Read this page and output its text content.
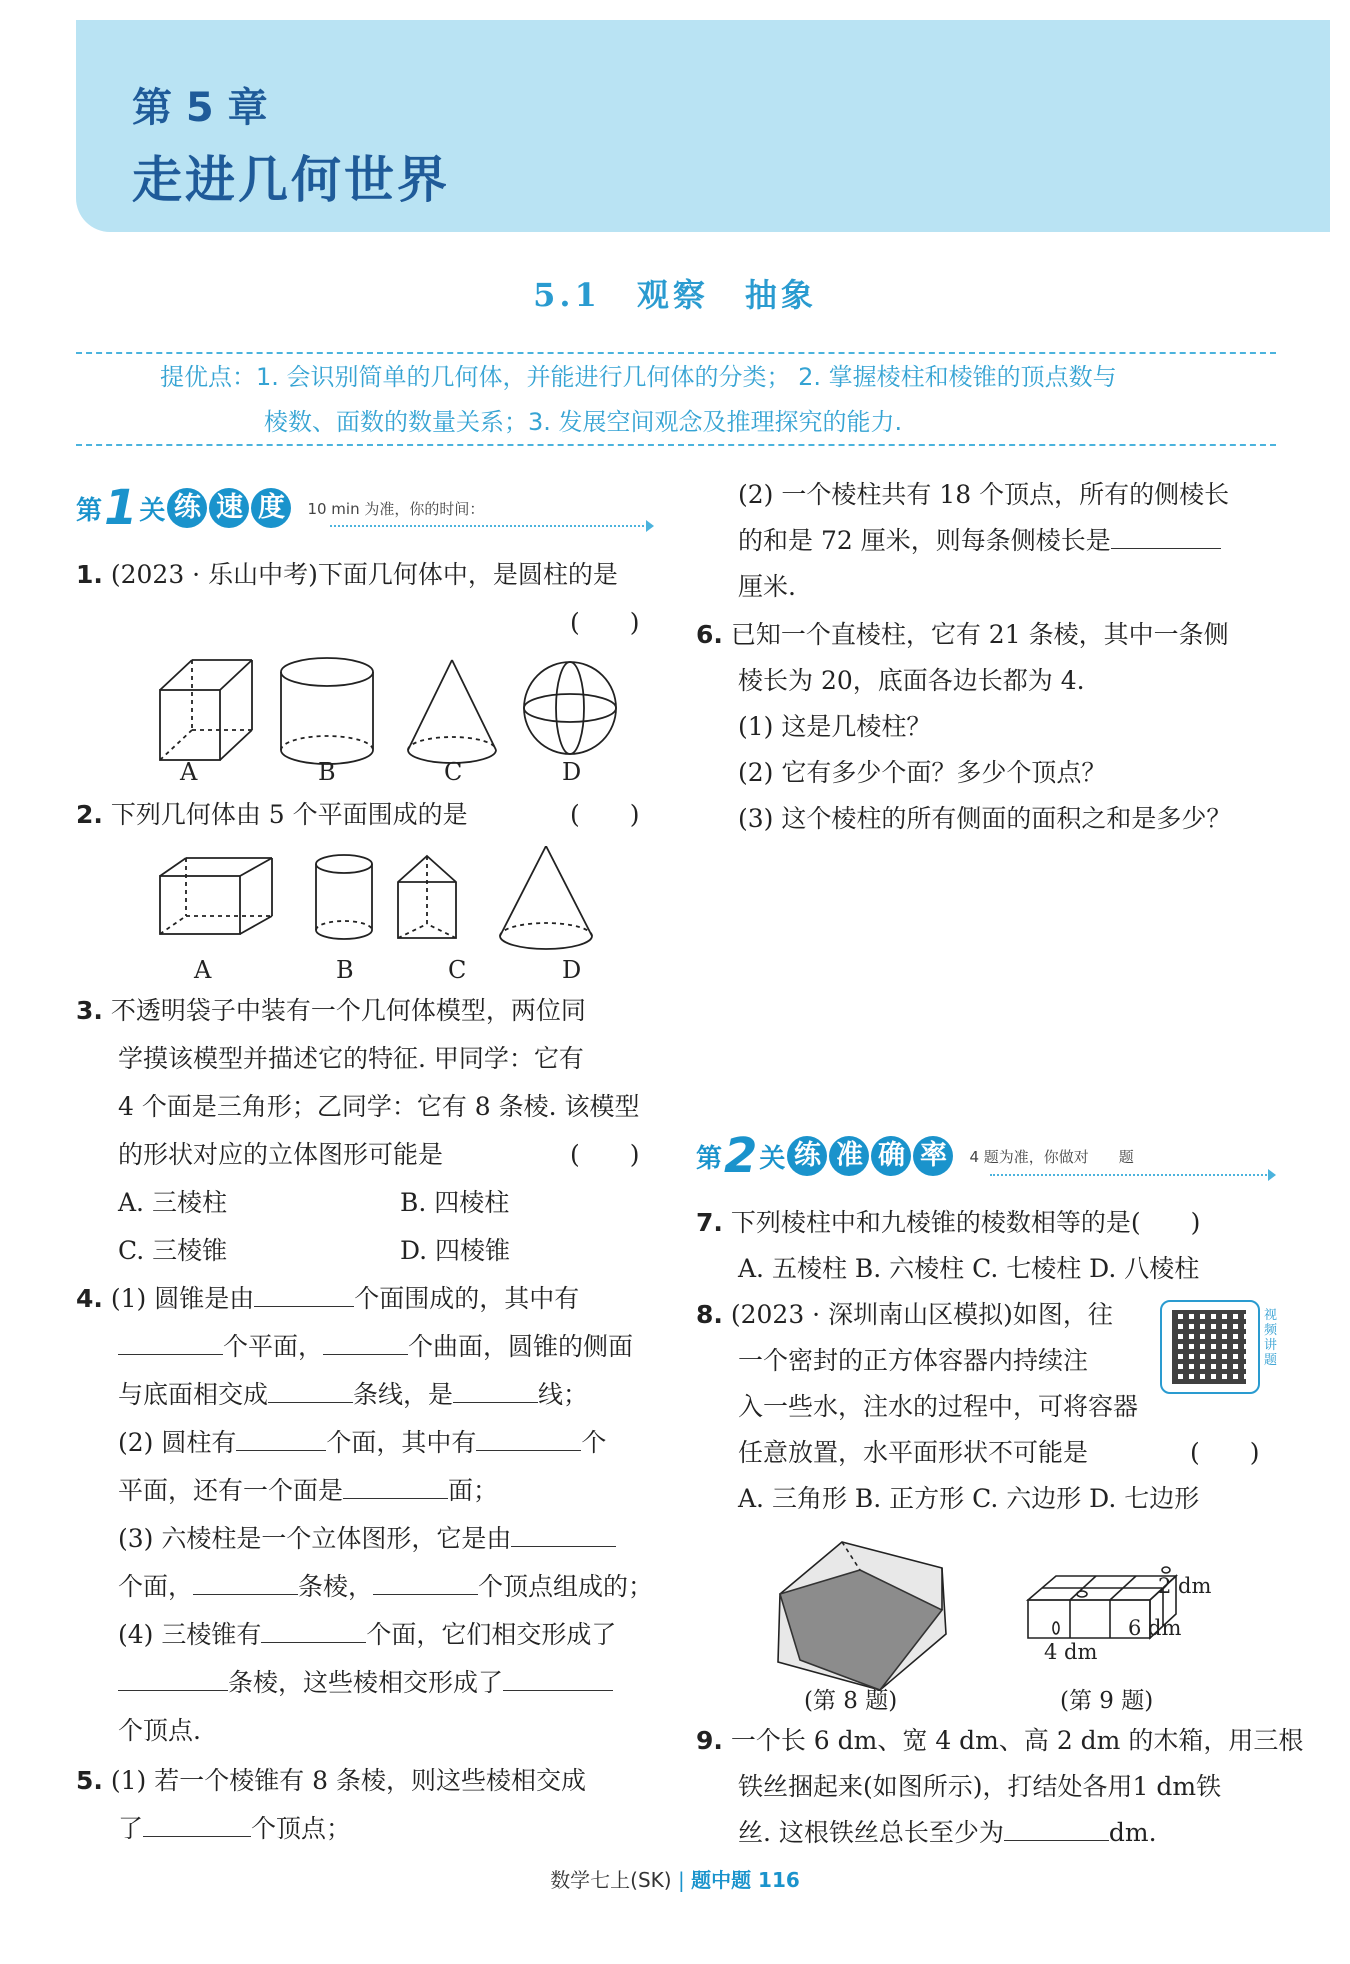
第 5 章
走进几何世界
5.1　观察　抽象
提优点：1. 会识别简单的几何体，并能进行几何体的分类； 2. 掌握棱柱和棱锥的顶点数与
棱数、面数的数量关系；3. 发展空间观念及推理探究的能力.
第 1 关 练 速 度	10 min 为准，你的时间：
1. (2023 · 乐山中考)下面几何体中，是圆柱的是
(　　)
A	B	C	D
2. 下列几何体由 5 个平面围成的是	(　　)
A	B	C	D
3. 不透明袋子中装有一个几何体模型，两位同
学摸该模型并描述它的特征. 甲同学：它有
4 个面是三角形；乙同学：它有 8 条棱. 该模型
的形状对应的立体图形可能是	(　　)
A. 三棱柱	B. 四棱柱
C. 三棱锥	D. 四棱锥
4. (1) 圆锥是由	个面围成的，其中有
个平面，	个曲面，圆锥的侧面
与底面相交成	条线，是	线；
(2) 圆柱有	个面，其中有	个
平面，还有一个面是	面；
(3) 六棱柱是一个立体图形，它是由
个面，	条棱，	个顶点组成的；
(4) 三棱锥有	个面，它们相交形成了
条棱，这些棱相交形成了
个顶点.
5. (1) 若一个棱锥有 8 条棱，则这些棱相交成
了	个顶点；
(2) 一个棱柱共有 18 个顶点，所有的侧棱长
的和是 72 厘米，则每条侧棱长是
厘米.
6. 已知一个直棱柱，它有 21 条棱，其中一条侧
棱长为 20，底面各边长都为 4.
(1) 这是几棱柱？
(2) 它有多少个面？多少个顶点？
(3) 这个棱柱的所有侧面的面积之和是多少？
第 2 关 练 准 确 率	4 题为准，你做对　　题
7. 下列棱柱中和九棱锥的棱数相等的是(　　)
A. 五棱柱 B. 六棱柱 C. 七棱柱 D. 八棱柱
8. (2023 · 深圳南山区模拟)如图，往	视频讲题
一个密封的正方体容器内持续注
入一些水，注水的过程中，可将容器
任意放置，水平面形状不可能是	(　　)
A. 三角形 B. 正方形 C. 六边形 D. 七边形
2 dm
6 dm
4 dm
(第 8 题)	(第 9 题)
9. 一个长 6 dm、宽 4 dm、高 2 dm 的木箱，用三根
铁丝捆起来(如图所示)，打结处各用1 dm铁
丝. 这根铁丝总长至少为	dm.
数学七上(SK) | 题中题 116
